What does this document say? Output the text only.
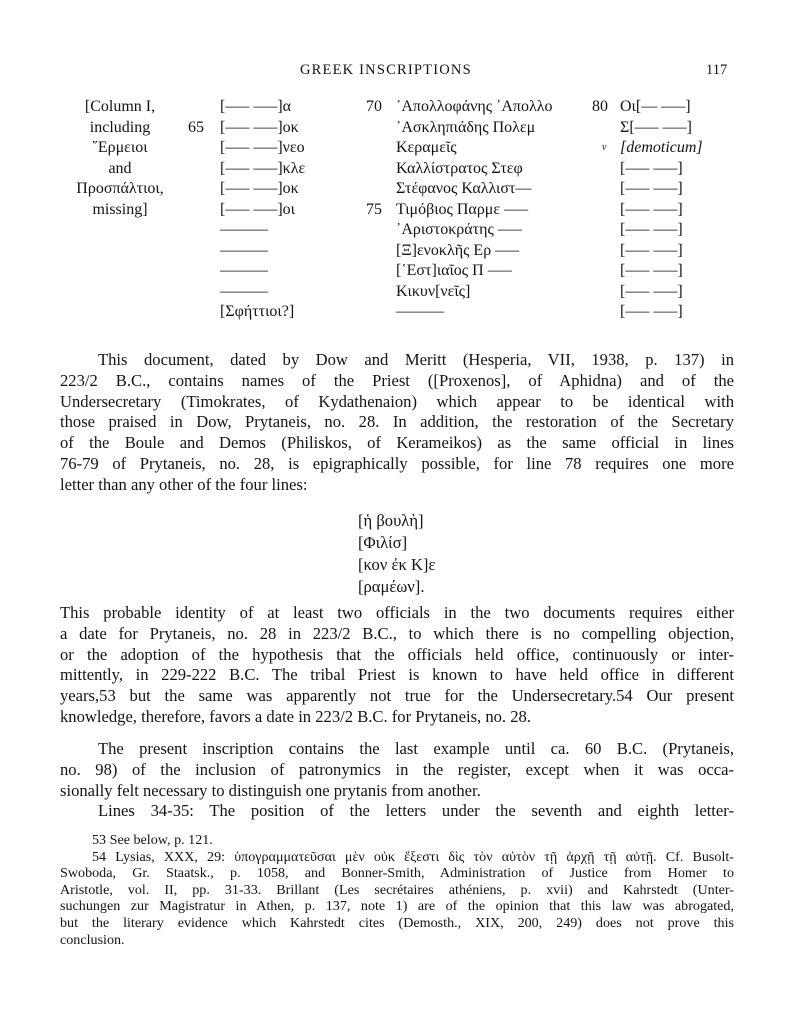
GREEK INSCRIPTIONS	117
[Column I,
including
῞Ερμειοι
and
Προσπάλτιοι,
missing]
65
[––– –––]α
[––– –––]οκ
[––– –––]νεο
[––– –––]κλε
[––– –––]οκ
[––– –––]οι
––––––
––––––
––––––
––––––
[Σφήττιοι?]
70
75
᾿Απολλοφάνης ᾿Απολλο
᾿Ασκληπιάδης Πολεμ
Κεραμεῖς
Καλλίστρατος Στεφ
Στέφανος Καλλιστ––
Τιμόβιος Παρμε –––
᾿Αριστοκράτης –––
[Ξ]ενοκλῆς Ερ –––
[῾Εστ]ιαῖος Π –––
Κικυν[νεῖς]
––––––
80
v
Οι[–– –––]
Σ[––– –––]
[demoticum]
[––– –––]
[––– –––]
[––– –––]
[––– –––]
[––– –––]
[––– –––]
[––– –––]
[––– –––]
This document, dated by Dow and Meritt (Hesperia, VII, 1938, p. 137) in
223/2 B.C., contains names of the Priest ([Proxenos], of Aphidna) and of the
Undersecretary (Timokrates, of Kydathenaion) which appear to be identical with
those praised in Dow, Prytaneis, no. 28. In addition, the restoration of the Secretary
of the Boule and Demos (Philiskos, of Kerameikos) as the same official in lines
76-79 of Prytaneis, no. 28, is epigraphically possible, for line 78 requires one more
letter than any other of the four lines:
[ἡ βουλὴ]
[Φιλίσ]
[κον ἐκ Κ]ε
[ραμέων].
This probable identity of at least two officials in the two documents requires either
a date for Prytaneis, no. 28 in 223/2 B.C., to which there is no compelling objection,
or the adoption of the hypothesis that the officials held office, continuously or inter-
mittently, in 229-222 B.C. The tribal Priest is known to have held office in different
years,53 but the same was apparently not true for the Undersecretary.54 Our present
knowledge, therefore, favors a date in 223/2 B.C. for Prytaneis, no. 28.
The present inscription contains the last example until ca. 60 B.C. (Prytaneis,
no. 98) of the inclusion of patronymics in the register, except when it was occa-
sionally felt necessary to distinguish one prytanis from another.
Lines 34-35: The position of the letters under the seventh and eighth letter-
53 See below, p. 121.
54 Lysias, XXX, 29: ὑπογραμματεῦσαι μὲν οὐκ ἔξεστι δὶς τὸν αὐτὸν τῇ ἀρχῇ τῇ αὐτῇ. Cf. Busolt-
Swoboda, Gr. Staatsk., p. 1058, and Bonner-Smith, Administration of Justice from Homer to
Aristotle, vol. II, pp. 31-33. Brillant (Les secrétaires athéniens, p. xvii) and Kahrstedt (Unter-
suchungen zur Magistratur in Athen, p. 137, note 1) are of the opinion that this law was abrogated,
but the literary evidence which Kahrstedt cites (Demosth., XIX, 200, 249) does not prove this
conclusion.
